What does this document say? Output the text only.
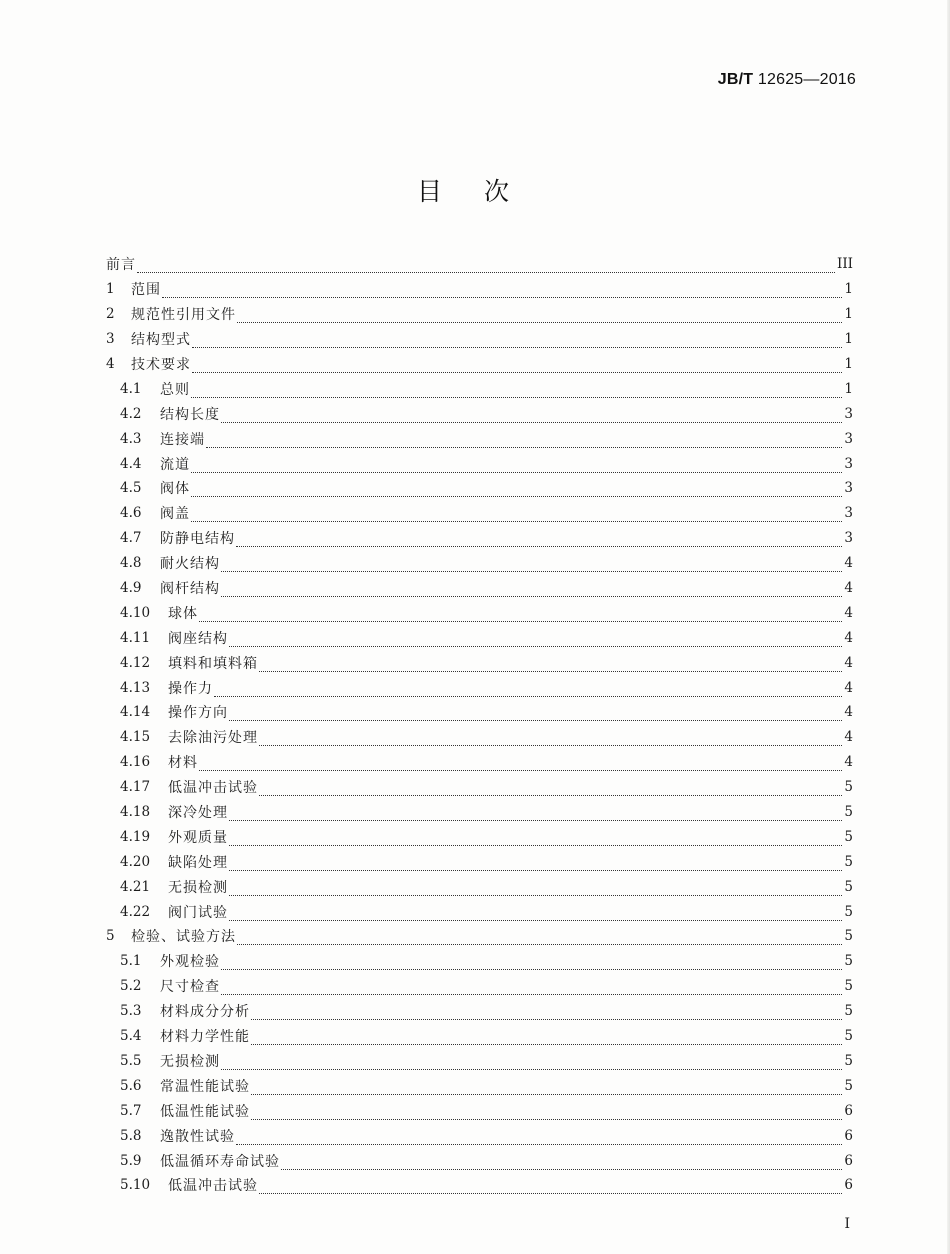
JB/T 12625—2016
目次
前言	III
1	范围	1
2	规范性引用文件	1
3	结构型式	1
4	技术要求	1
4.1	总则	1
4.2	结构长度	3
4.3	连接端	3
4.4	流道	3
4.5	阀体	3
4.6	阀盖	3
4.7	防静电结构	3
4.8	耐火结构	4
4.9	阀杆结构	4
4.10	球体	4
4.11	阀座结构	4
4.12	填料和填料箱	4
4.13	操作力	4
4.14	操作方向	4
4.15	去除油污处理	4
4.16	材料	4
4.17	低温冲击试验	5
4.18	深冷处理	5
4.19	外观质量	5
4.20	缺陷处理	5
4.21	无损检测	5
4.22	阀门试验	5
5	检验、试验方法	5
5.1	外观检验	5
5.2	尺寸检查	5
5.3	材料成分分析	5
5.4	材料力学性能	5
5.5	无损检测	5
5.6	常温性能试验	5
5.7	低温性能试验	6
5.8	逸散性试验	6
5.9	低温循环寿命试验	6
5.10	低温冲击试验	6
I
